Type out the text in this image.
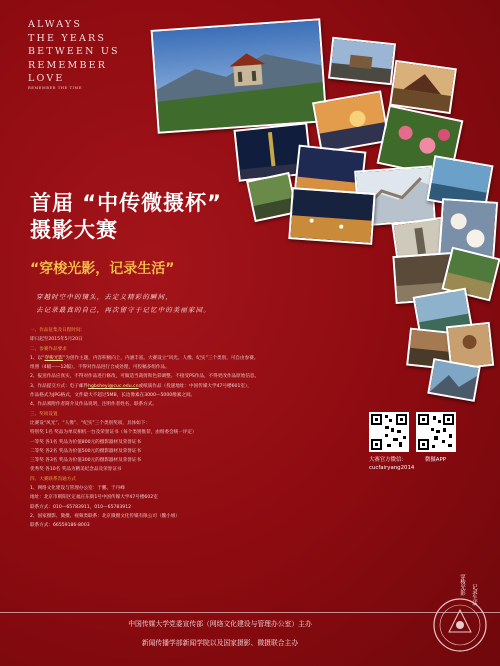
ALWAYS
THE YEARS
BETWEEN US
REMEMBER
LOVE
REMEMBER THE TIME
首届 “中传微摄杯”
摄影大赛
“穿梭光影，记录生活”
穿越时空中的镜头，去定义精彩的瞬间，
去记录最真的自己，再次留守于记忆中的美丽家园。

一、作品征集及日程时间：

即日起至2015年5月20日

二、参赛作品要求

1、以“穿梭光影”为创作主题，内容积极向上，内涵丰富。大赛设立“风光、人像、纪实”三个类别，可自由参赛。

组照（4幅——12幅），不得对作品进行合成处理，可投稿多组作品。

2、报送作品应真实，不得对作品进行修改，可做适当裁剪和色彩调整。不接受PS作品，不得更改作品原始信息。

3、作品提交方式：电子邮件hgbsheyi@cuc.edu.cn或纸质作品（投递地址：中国传媒大学47号楼601室），

作品格式为JPG格式，文件最大不超过5MB，长边像素在3000—5000像素之间。

4、作品须附作者简介及作品说明，注明作者姓名、联系方式。

三、奖项设置

比赛设“风光”、“人像”、“纪实”三个类别奖项，具体如下：

特别奖 1名 奖品为单反相机一台及荣誉证书（每个类别推荐，由组委会统一评定）

一等奖 各1名 奖品为价值800元的摄影器材及荣誉证书

二等奖 各2名 奖品为价值500元的摄影器材及荣誉证书

三等奖 各3名 奖品为价值300元的摄影器材及荣誉证书

优秀奖 各10名 奖品为精美纪念品及荣誉证书

四、大赛联系沟通方式

1、网络文化建设与管理办公室：于鹏、于丹峰

地址：北京市朝阳区定福庄东街1号中国传媒大学47号楼602室

联系方式：010—65783911，010—65783912

2、国家摄影、微摄、视频类联系：北京微摄文化传媒有限公司（魏小姐）

联系方式：66559186-8003

大赛官方微信：
cucfairyang2014
微摄APP
穿梭光影 记录生活
中国传媒大学党委宣传部（网络文化建设与管理办公室）主办
新闻传播学部新闻学院以及国家摄影、微摄联合主办
